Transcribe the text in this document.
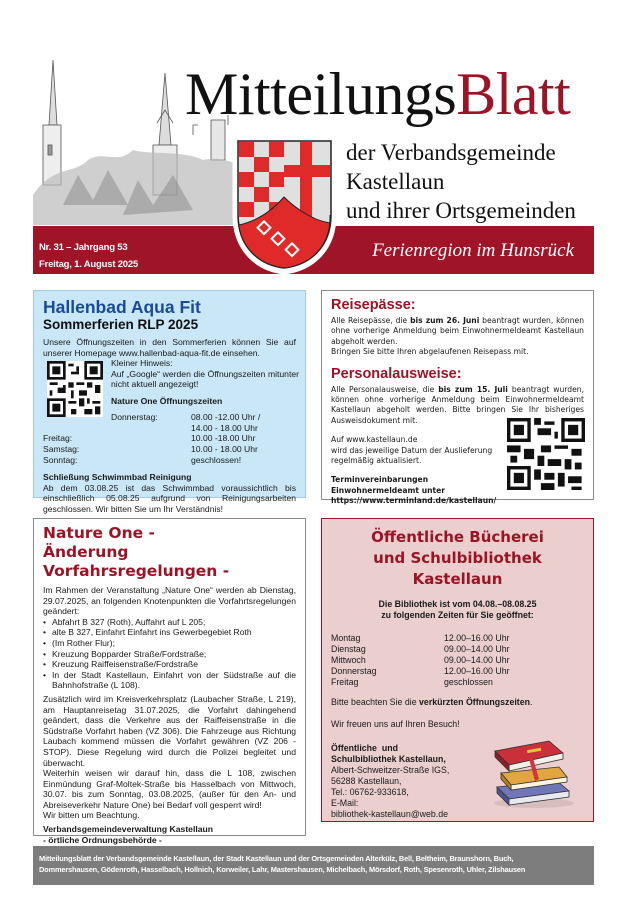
MitteilungsBlatt
der Verbandsgemeinde
Kastellaun
und ihrer Ortsgemeinden
Nr. 31 – Jahrgang 53
Freitag, 1. August 2025
Ferienregion im Hunsrück
Hallenbad Aqua Fit
Sommerferien RLP 2025
Unsere Öffnungszeiten in den Sommerferien können Sie auf unserer Homepage www.hallenbad-aqua-fit.de einsehen.
Kleiner Hinweis:
Auf „Google“ werden die Öffnungszeiten mitunter nicht aktuell angezeigt!
Nature One Öffnungszeiten
Donnerstag:	08.00 -12.00 Uhr /
14.00 - 18.00 Uhr
Freitag:	10.00 -18.00 Uhr
Samstag:	10.00 - 18.00 Uhr
Sonntag:	geschlossen!
Schließung Schwimmbad Reinigung
Ab dem 03.08.25 ist das Schwimmbad voraussichtlich bis einschließlich 05.08.25 aufgrund von Reinigungsarbeiten geschlossen. Wir bitten Sie um Ihr Verständnis!
Reisepässe:
Alle Reisepässe, die bis zum 26. Juni beantragt wurden, können ohne vorherige Anmeldung beim Einwohnermeldeamt Kastellaun abgeholt werden.
Bringen Sie bitte Ihren abgelaufenen Reisepass mit.
Personalausweise:
Alle Personalausweise, die bis zum 15. Juli beantragt wurden, können ohne vorherige Anmeldung beim Einwohnermeldeamt Kastellaun abgeholt werden. Bitte bringen Sie Ihr bisheriges Ausweisdokument mit.
Auf www.kastellaun.de
wird das jeweilige Datum der Auslieferung
regelmäßig aktualisiert.
Terminvereinbarungen
Einwohnermeldeamt unter
https://www.terminland.de/kastellaun/
Nature One -
Änderung Vorfahrsregelungen -
Im Rahmen der Veranstaltung „Nature One“ werden ab Dienstag, 29.07.2025, an folgenden Knotenpunkten die Vorfahrtsregelungen geändert:
• Abfahrt B 327 (Roth), Auffahrt auf L 205;
• alte B 327, Einfahrt Einfahrt ins Gewerbegebiet Roth
• (Im Rother Flur);
• Kreuzung Bopparder Straße/Fordstraße;
• Kreuzung Raiffeisenstraße/Fordstraße
• In der Stadt Kastellaun, Einfahrt von der Südstraße auf die Bahnhofstraße (L 108).
Zusätzlich wird im Kreisverkehrsplatz (Laubacher Straße, L 219), am Hauptanreisetag 31.07.2025, die Vorfahrt dahingehend geändert, dass die Verkehre aus der Raiffeisenstraße in die Südstraße Vorfahrt haben (VZ 306). Die Fahrzeuge aus Richtung Laubach kommend müssen die Vorfahrt gewähren (VZ 206 - STOP). Diese Regelung wird durch die Polizei begleitet und überwacht.
Weiterhin weisen wir darauf hin, dass die L 108, zwischen Einmündung Graf-Moltek-Straße bis Hasselbach von Mittwoch, 30.07. bis zum Sonntag, 03.08.2025, (außer für den An- und Abreiseverkehr Nature One) bei Bedarf voll gesperrt wird!
Wir bitten um Beachtung.
Verbandsgemeindeverwaltung Kastellaun
- örtliche Ordnungsbehörde -
Öffentliche Bücherei
und Schulbibliothek Kastellaun
Die Bibliothek ist vom 04.08.–08.08.25
zu folgenden Zeiten für Sie geöffnet:
Montag	12.00–16.00 Uhr
Dienstag	09.00–14.00 Uhr
Mittwoch	09.00–14.00 Uhr
Donnerstag	12.00–16.00 Uhr
Freitag	geschlossen
Bitte beachten Sie die verkürzten Öffnungszeiten.
Wir freuen uns auf Ihren Besuch!
Öffentliche  und
Schulbibliothek Kastellaun,
Albert-Schweitzer-Straße IGS,
56288 Kastellaun,
Tel.: 06762-933618,
E-Mail:
bibliothek-kastellaun@web.de
Mitteilungsblatt der Verbandsgemeinde Kastellaun, der Stadt Kastellaun und der Ortsgemeinden Alterkülz, Bell, Beltheim, Braunshorn, Buch,
Dommershausen, Gödenroth, Hasselbach, Hollnich, Korweiler, Lahr, Mastershausen, Michelbach, Mörsdorf, Roth, Spesenroth, Uhler, Zilshausen
